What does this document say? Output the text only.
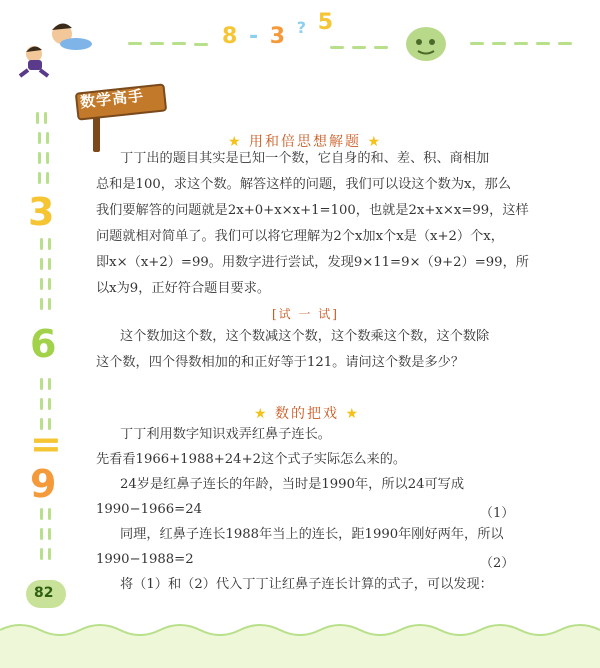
8 - 3 ? 5
3
6
=
9
数学高手
★ 用和倍思想解题 ★
丁丁出的题目其实是已知一个数，它自身的和、差、积、商相加
总和是100，求这个数。解答这样的问题，我们可以设这个数为x，那么
我们要解答的问题就是2x+0+x×x+1=100，也就是2x+x×x=99，这样
问题就相对简单了。我们可以将它理解为2个x加x个x是（x+2）个x，
即x×（x+2）=99。用数字进行尝试，发现9×11=9×（9+2）=99，所
以x为9，正好符合题目要求。
[试 一 试]
这个数加这个数，这个数减这个数，这个数乘这个数，这个数除
这个数，四个得数相加的和正好等于121。请问这个数是多少？
★ 数的把戏 ★
丁丁利用数字知识戏弄红鼻子连长。
先看看1966+1988+24+2这个式子实际怎么来的。
24岁是红鼻子连长的年龄，当时是1990年，所以24可写成
1990−1966=24	（1）
同理，红鼻子连长1988年当上的连长，距1990年刚好两年，所以
1990−1988=2	（2）
将（1）和（2）代入丁丁让红鼻子连长计算的式子，可以发现：
82
